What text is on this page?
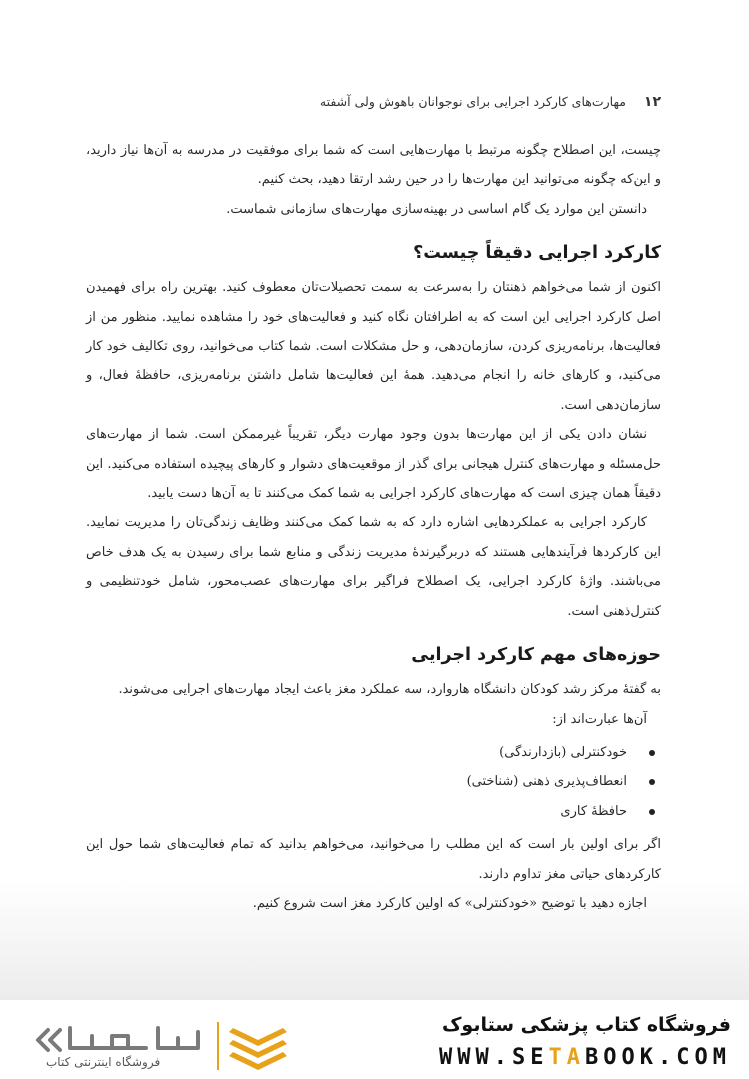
۱۲ مهارت‌های کارکرد اجرایی برای نوجوانان باهوش ولی آشفته

چیست، این اصطلاح چگونه مرتبط با مهارت‌هایی است که شما برای موفقیت در مدرسه به آن‌ها نیاز دارید، و این‌که چگونه می‌توانید این مهارت‌ها را در حین رشد ارتقا دهید، بحث کنیم.

دانستن این موارد یک گام اساسی در بهینه‌سازی مهارت‌های سازمانی شماست.

کارکرد اجرایی دقیقاً چیست؟

اکنون از شما می‌خواهم ذهنتان را به‌سرعت به سمت تحصیلات‌تان معطوف کنید. بهترین راه برای فهمیدن اصل کارکرد اجرایی این است که به اطرافتان نگاه کنید و فعالیت‌های خود را مشاهده نمایید. منظور من از فعالیت‌ها، برنامه‌ریزی کردن، سازمان‌دهی، و حل مشکلات است. شما کتاب می‌خوانید، روی تکالیف خود کار می‌کنید، و کارهای خانه را انجام می‌دهید. همهٔ این فعالیت‌ها شامل داشتن برنامه‌ریزی، حافظهٔ فعال، و سازمان‌دهی است.

نشان دادن یکی از این مهارت‌ها بدون وجود مهارت دیگر، تقریباً غیرممکن است. شما از مهارت‌های حل‌مسئله و مهارت‌های کنترل هیجانی برای گذر از موقعیت‌های دشوار و کارهای پیچیده استفاده می‌کنید. این دقیقاً همان چیزی است که مهارت‌های کارکرد اجرایی به شما کمک می‌کنند تا به آن‌ها دست یابید.

کارکرد اجرایی به عملکردهایی اشاره دارد که به شما کمک می‌کنند وظایف زندگی‌تان را مدیریت نمایید. این کارکردها فرآیندهایی هستند که دربرگیرندهٔ مدیریت زندگی و منابع شما برای رسیدن به یک هدف خاص می‌باشند. واژهٔ کارکرد اجرایی، یک اصطلاح فراگیر برای مهارت‌های عصب‌محور، شامل خودتنظیمی و کنترل‌ذهنی است.

حوزه‌های مهم کارکرد اجرایی

به گفتهٔ مرکز رشد کودکان دانشگاه هاروارد، سه عملکرد مغز باعث ایجاد مهارت‌های اجرایی می‌شوند.

آن‌ها عبارت‌اند از:

خودکنترلی (بازدارندگی)
انعطاف‌پذیری ذهنی (شناختی)
حافظهٔ کاری

اگر برای اولین بار است که این مطلب را می‌خوانید، می‌خواهم بدانید که تمام فعالیت‌های شما حول این کارکردهای حیاتی مغز تداوم دارند.

اجازه دهید با توضیح «خودکنترلی» که اولین کارکرد مغز است شروع کنیم.

فروشگاه اینترنتی کتاب
فروشگاه کتاب پزشکی ستابوک
WWW.SETABOOK.COM
